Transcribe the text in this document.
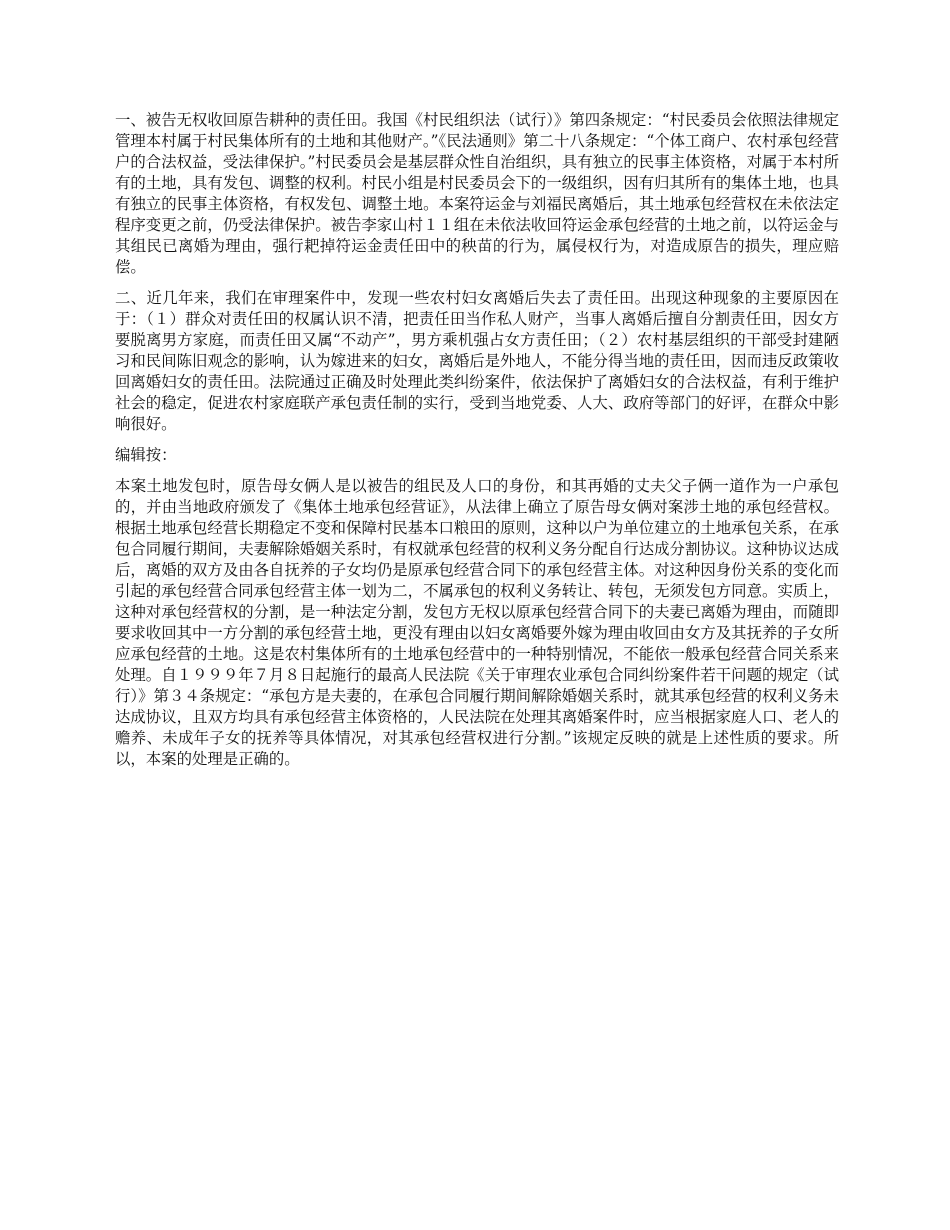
一、被告无权收回原告耕种的责任田。我国《村民组织法（试行）》第四条规定：“村民委员会依照法律规定管理本村属于村民集体所有的土地和其他财产。”《民法通则》第二十八条规定：“个体工商户、农村承包经营户的合法权益，受法律保护。”村民委员会是基层群众性自治组织，具有独立的民事主体资格，对属于本村所有的土地，具有发包、调整的权利。村民小组是村民委员会下的一级组织，因有归其所有的集体土地，也具有独立的民事主体资格，有权发包、调整土地。本案符运金与刘福民离婚后，其土地承包经营权在未依法定程序变更之前，仍受法律保护。被告李家山村１１组在未依法收回符运金承包经营的土地之前，以符运金与其组民已离婚为理由，强行耙掉符运金责任田中的秧苗的行为，属侵权行为，对造成原告的损失，理应赔偿。

二、近几年来，我们在审理案件中，发现一些农村妇女离婚后失去了责任田。出现这种现象的主要原因在于：（１）群众对责任田的权属认识不清，把责任田当作私人财产，当事人离婚后擅自分割责任田，因女方要脱离男方家庭，而责任田又属“不动产”，男方乘机强占女方责任田；（２）农村基层组织的干部受封建陋习和民间陈旧观念的影响，认为嫁进来的妇女，离婚后是外地人，不能分得当地的责任田，因而违反政策收回离婚妇女的责任田。法院通过正确及时处理此类纠纷案件，依法保护了离婚妇女的合法权益，有利于维护社会的稳定，促进农村家庭联产承包责任制的实行，受到当地党委、人大、政府等部门的好评，在群众中影响很好。

编辑按：

本案土地发包时，原告母女俩人是以被告的组民及人口的身份，和其再婚的丈夫父子俩一道作为一户承包的，并由当地政府颁发了《集体土地承包经营证》，从法律上确立了原告母女俩对案涉土地的承包经营权。根据土地承包经营长期稳定不变和保障村民基本口粮田的原则，这种以户为单位建立的土地承包关系，在承包合同履行期间，夫妻解除婚姻关系时，有权就承包经营的权利义务分配自行达成分割协议。这种协议达成后，离婚的双方及由各自抚养的子女均仍是原承包经营合同下的承包经营主体。对这种因身份关系的变化而引起的承包经营合同承包经营主体一划为二，不属承包的权利义务转让、转包，无须发包方同意。实质上，这种对承包经营权的分割，是一种法定分割，发包方无权以原承包经营合同下的夫妻已离婚为理由，而随即要求收回其中一方分割的承包经营土地，更没有理由以妇女离婚要外嫁为理由收回由女方及其抚养的子女所应承包经营的土地。这是农村集体所有的土地承包经营中的一种特别情况，不能依一般承包经营合同关系来处理。自１９９９年７月８日起施行的最高人民法院《关于审理农业承包合同纠纷案件若干问题的规定（试行）》第３４条规定：“承包方是夫妻的，在承包合同履行期间解除婚姻关系时，就其承包经营的权利义务未达成协议，且双方均具有承包经营主体资格的，人民法院在处理其离婚案件时，应当根据家庭人口、老人的赡养、未成年子女的抚养等具体情况，对其承包经营权进行分割。”该规定反映的就是上述性质的要求。所以，本案的处理是正确的。
